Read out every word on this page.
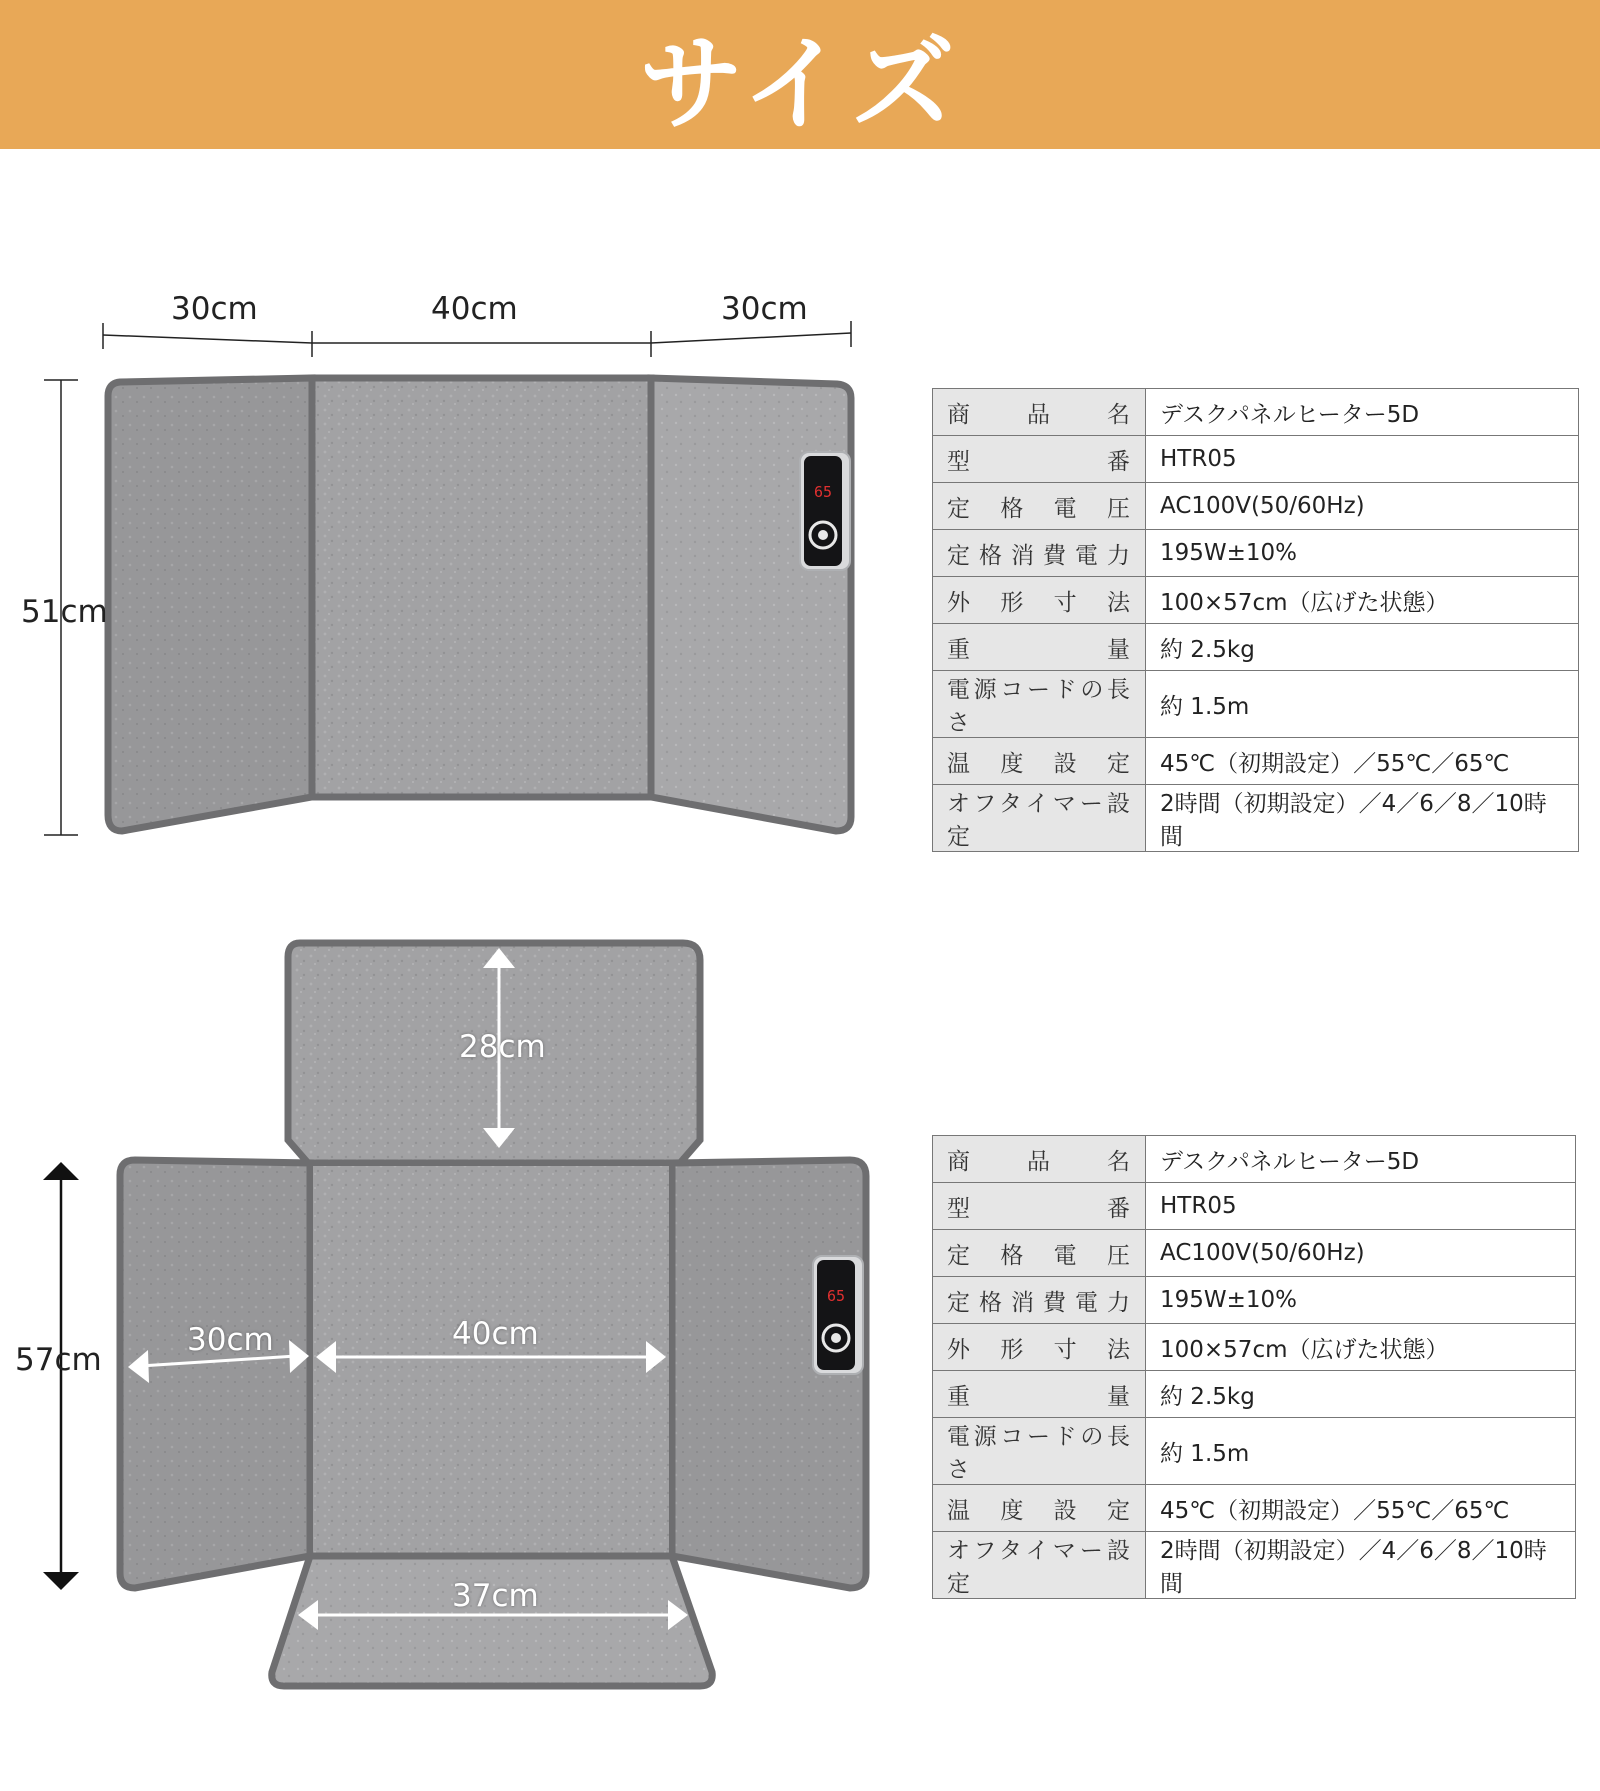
サイズ
65
65
30cm	40cm	30cm
51cm
28cm
30cm	40cm
37cm
57cm
商品名	デスクパネルヒーター5D
型番	HTR05
定格電圧	AC100V(50/60Hz)
定格消費電力	195W±10%
外形寸法	100×57cm（広げた状態）
重量	約 2.5kg
電源コードの長さ	約 1.5m
温度設定	45℃（初期設定）／55℃／65℃
オフタイマー設定	2時間（初期設定）／4／6／8／10時間
商品名	デスクパネルヒーター5D
型番	HTR05
定格電圧	AC100V(50/60Hz)
定格消費電力	195W±10%
外形寸法	100×57cm（広げた状態）
重量	約 2.5kg
電源コードの長さ	約 1.5m
温度設定	45℃（初期設定）／55℃／65℃
オフタイマー設定	2時間（初期設定）／4／6／8／10時間
